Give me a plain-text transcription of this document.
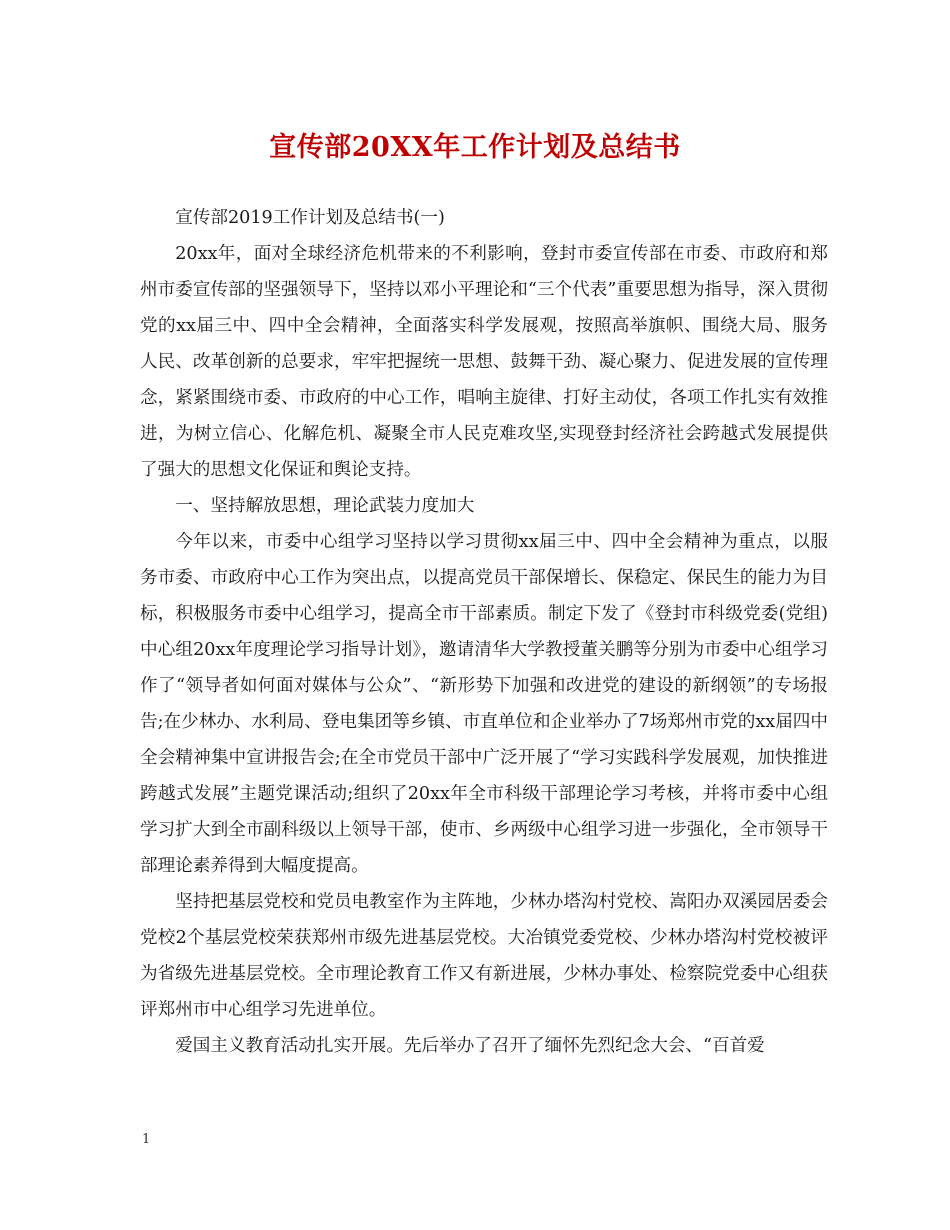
宣传部20XX年工作计划及总结书

宣传部2019工作计划及总结书(一)

20xx年，面对全球经济危机带来的不利影响，登封市委宣传部在市委、市政府和郑州市委宣传部的坚强领导下，坚持以邓小平理论和“三个代表”重要思想为指导，深入贯彻党的xx届三中、四中全会精神，全面落实科学发展观，按照高举旗帜、围绕大局、服务人民、改革创新的总要求，牢牢把握统一思想、鼓舞干劲、凝心聚力、促进发展的宣传理念，紧紧围绕市委、市政府的中心工作，唱响主旋律、打好主动仗，各项工作扎实有效推进，为树立信心、化解危机、凝聚全市人民克难攻坚,实现登封经济社会跨越式发展提供了强大的思想文化保证和舆论支持。

一、坚持解放思想，理论武装力度加大

今年以来，市委中心组学习坚持以学习贯彻xx届三中、四中全会精神为重点，以服务市委、市政府中心工作为突出点，以提高党员干部保增长、保稳定、保民生的能力为目标，积极服务市委中心组学习，提高全市干部素质。制定下发了《登封市科级党委(党组)中心组20xx年度理论学习指导计划》，邀请清华大学教授董关鹏等分别为市委中心组学习作了“领导者如何面对媒体与公众”、“新形势下加强和改进党的建设的新纲领”的专场报告;在少林办、水利局、登电集团等乡镇、市直单位和企业举办了7场郑州市党的xx届四中全会精神集中宣讲报告会;在全市党员干部中广泛开展了“学习实践科学发展观，加快推进跨越式发展”主题党课活动;组织了20xx年全市科级干部理论学习考核，并将市委中心组学习扩大到全市副科级以上领导干部，使市、乡两级中心组学习进一步强化，全市领导干部理论素养得到大幅度提高。

坚持把基层党校和党员电教室作为主阵地，少林办塔沟村党校、嵩阳办双溪园居委会党校2个基层党校荣获郑州市级先进基层党校。大冶镇党委党校、少林办塔沟村党校被评为省级先进基层党校。全市理论教育工作又有新进展，少林办事处、检察院党委中心组获评郑州市中心组学习先进单位。

爱国主义教育活动扎实开展。先后举办了召开了缅怀先烈纪念大会、“百首爱

1
